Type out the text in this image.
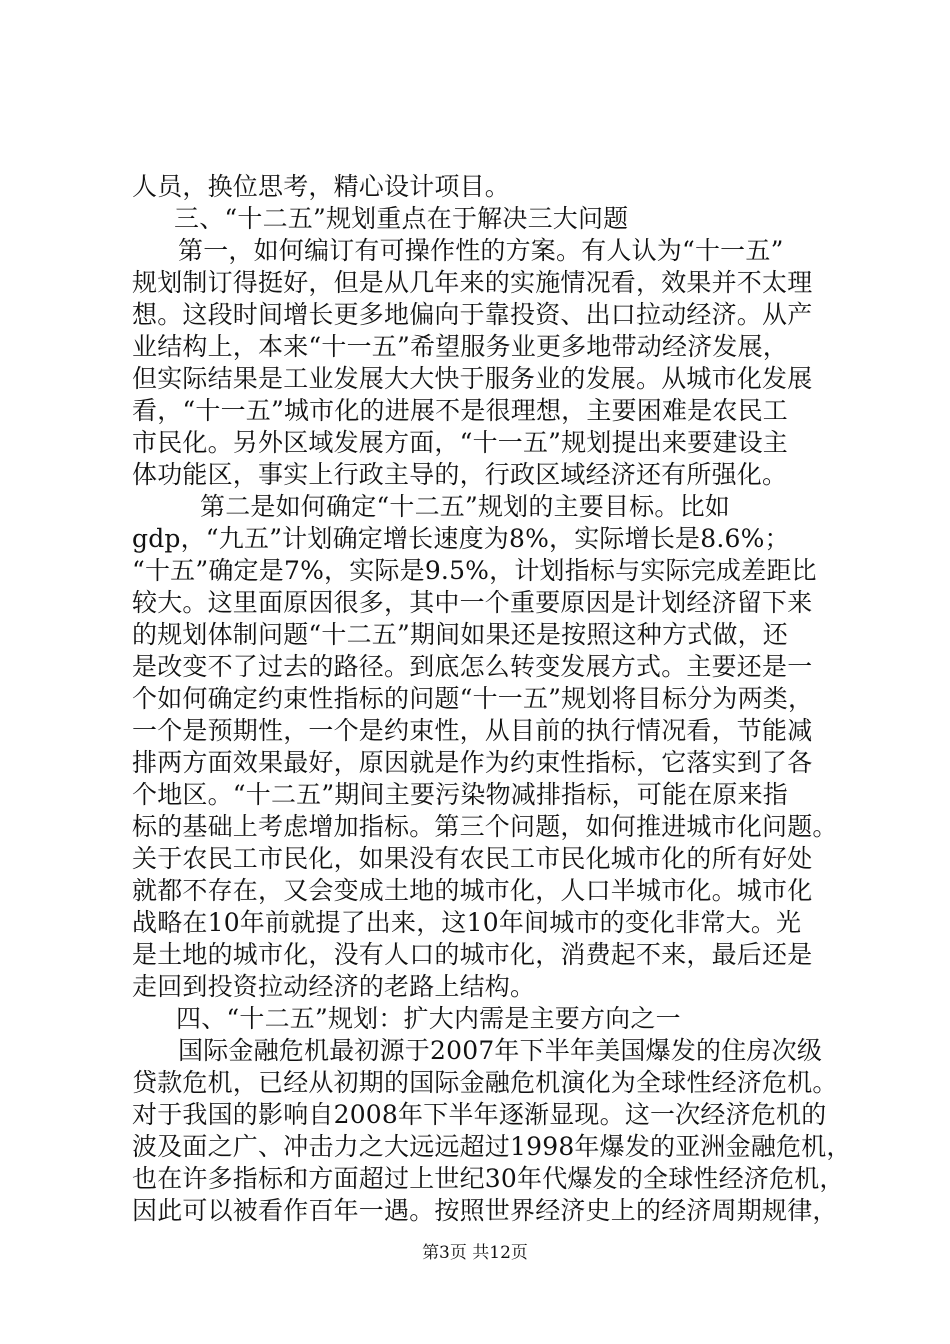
人员，换位思考，精心设计项目。
三、“十二五”规划重点在于解决三大问题
第一，如何编订有可操作性的方案。有人认为“十一五”
规划制订得挺好，但是从几年来的实施情况看，效果并不太理
想。这段时间增长更多地偏向于靠投资、出口拉动经济。从产
业结构上，本来“十一五”希望服务业更多地带动经济发展，
但实际结果是工业发展大大快于服务业的发展。从城市化发展
看，“十一五”城市化的进展不是很理想，主要困难是农民工
市民化。另外区域发展方面，“十一五”规划提出来要建设主
体功能区，事实上行政主导的，行政区域经济还有所强化。
第二是如何确定“十二五”规划的主要目标。比如
gdp，“九五”计划确定增长速度为8%，实际增长是8.6%；
“十五”确定是7%，实际是9.5%，计划指标与实际完成差距比
较大。这里面原因很多，其中一个重要原因是计划经济留下来
的规划体制问题“十二五”期间如果还是按照这种方式做，还
是改变不了过去的路径。到底怎么转变发展方式。主要还是一
个如何确定约束性指标的问题“十一五”规划将目标分为两类，
一个是预期性，一个是约束性，从目前的执行情况看，节能减
排两方面效果最好，原因就是作为约束性指标，它落实到了各
个地区。“十二五”期间主要污染物减排指标，可能在原来指
标的基础上考虑增加指标。第三个问题，如何推进城市化问题。
关于农民工市民化，如果没有农民工市民化城市化的所有好处
就都不存在，又会变成土地的城市化，人口半城市化。城市化
战略在10年前就提了出来，这10年间城市的变化非常大。光
是土地的城市化，没有人口的城市化，消费起不来，最后还是
走回到投资拉动经济的老路上结构。
四、“十二五”规划：扩大内需是主要方向之一
国际金融危机最初源于2007年下半年美国爆发的住房次级
贷款危机，已经从初期的国际金融危机演化为全球性经济危机。
对于我国的影响自2008年下半年逐渐显现。这一次经济危机的
波及面之广、冲击力之大远远超过1998年爆发的亚洲金融危机，
也在许多指标和方面超过上世纪30年代爆发的全球性经济危机，
因此可以被看作百年一遇。按照世界经济史上的经济周期规律，
第3页 共12页
